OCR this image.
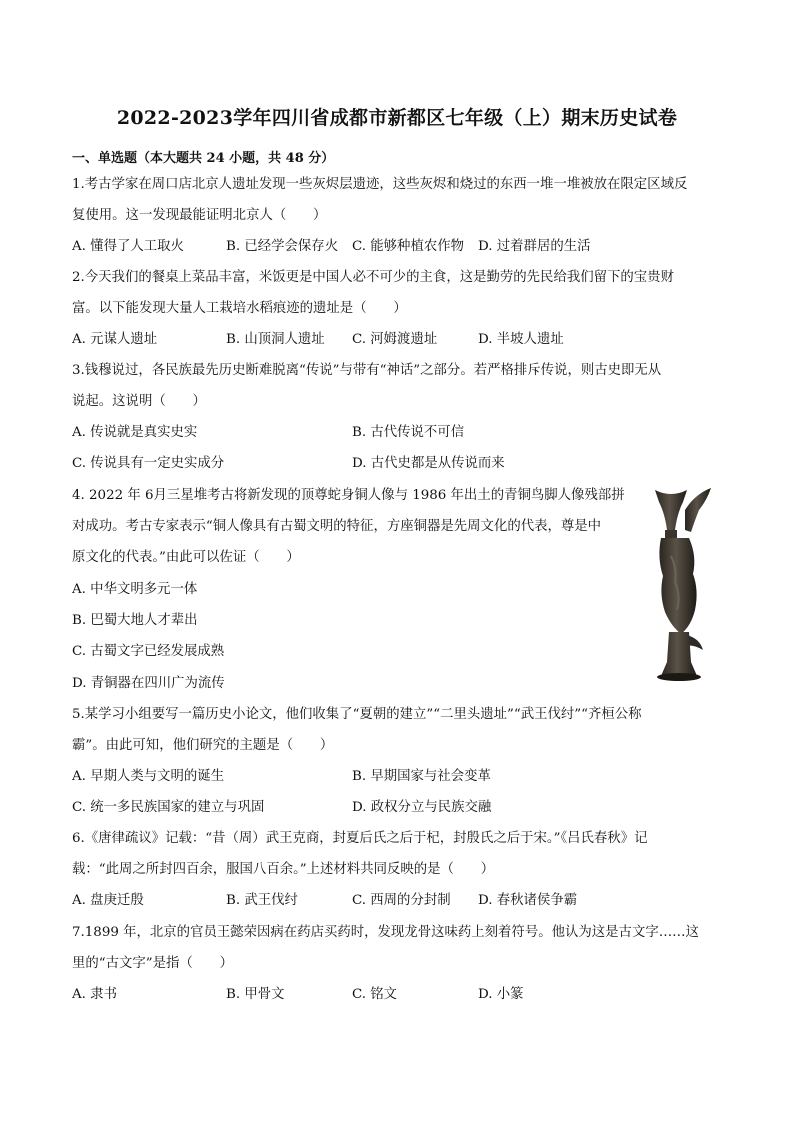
2022-2023学年四川省成都市新都区七年级（上）期末历史试卷
一、单选题（本大题共 24 小题，共 48 分）
1.考古学家在周口店北京人遗址发现一些灰烬层遗迹，这些灰烬和烧过的东西一堆一堆被放在限定区域反
复使用。这一发现最能证明北京人（　　）
A. 懂得了人工取火	B. 已经学会保存火 C. 能够种植农作物 D. 过着群居的生活
2.今天我们的餐桌上菜品丰富，米饭更是中国人必不可少的主食，这是勤劳的先民给我们留下的宝贵财
富。以下能发现大量人工栽培水稻痕迹的遗址是（　　）
A. 元谋人遗址	B. 山顶洞人遗址 C. 河姆渡遗址	D. 半坡人遗址
3.钱穆说过，各民族最先历史断难脱离“传说”与带有“神话”之部分。若严格排斥传说，则古史即无从
说起。这说明（　　）
A. 传说就是真实史实	B. 古代传说不可信
C. 传说具有一定史实成分	D. 古代史都是从传说而来
4. 2022 年 6月三星堆考古将新发现的顶尊蛇身铜人像与 1986 年出土的青铜鸟脚人像残部拼
对成功。考古专家表示“铜人像具有古蜀文明的特征，方座铜器是先周文化的代表，尊是中
原文化的代表。”由此可以佐证（　　）
A. 中华文明多元一体
B. 巴蜀大地人才辈出
C. 古蜀文字已经发展成熟
D. 青铜器在四川广为流传
5.某学习小组要写一篇历史小论文，他们收集了“夏朝的建立”“二里头遗址”“武王伐纣”“齐桓公称
霸”。由此可知，他们研究的主题是（　　）
A. 早期人类与文明的诞生	B. 早期国家与社会变革
C. 统一多民族国家的建立与巩固	D. 政权分立与民族交融
6.《唐律疏议》记载：“昔（周）武王克商，封夏后氏之后于杞，封殷氏之后于宋。”《吕氏春秋》记
载：“此周之所封四百余，服国八百余。”上述材料共同反映的是（　　）
A. 盘庚迁殷	B. 武王伐纣	C. 西周的分封制 D. 春秋诸侯争霸
7.1899 年，北京的官员王懿荣因病在药店买药时，发现龙骨这味药上刻着符号。他认为这是古文字……这
里的“古文字”是指（　　）
A. 隶书	B. 甲骨文	C. 铭文	D. 小篆
